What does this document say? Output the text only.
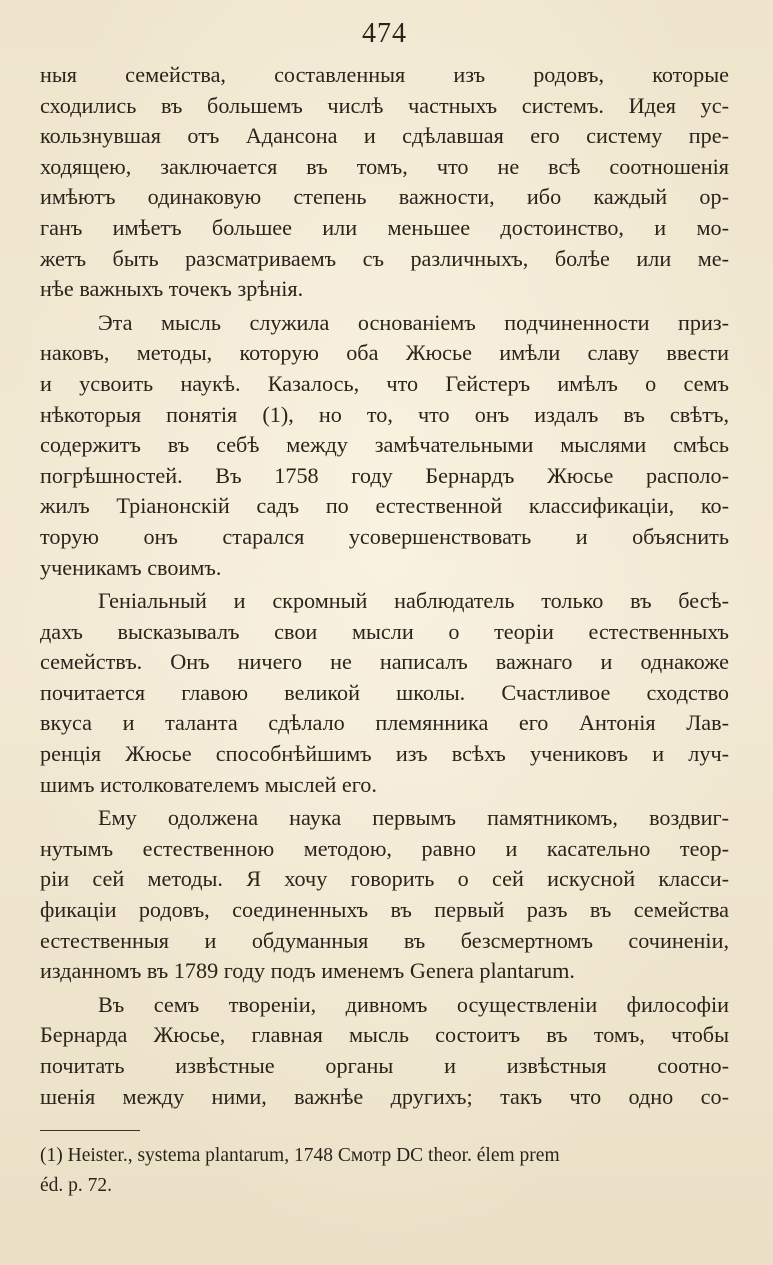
474
ныя семейства, составленныя изъ родовъ, которые
сходились въ большемъ числѣ частныхъ системъ. Идея ус-
кользнувшая отъ Адансона и сдѣлавшая его систему пре-
ходящею, заключается въ томъ, что не всѣ соотношенія
имѣютъ одинаковую степень важности, ибо каждый ор-
ганъ имѣетъ большее или меньшее достоинство, и мо-
жетъ быть разсматриваемъ съ различныхъ, болѣе или ме-
нѣе важныхъ точекъ зрѣнія.
Эта мысль служила основаніемъ подчиненности приз-
наковъ, методы, которую оба Жюсье имѣли славу ввести
и усвоить наукѣ. Казалось, что Гейстеръ имѣлъ о семъ
нѣкоторыя понятія (1), но то, что онъ издалъ въ свѣтъ,
содержитъ въ себѣ между замѣчательными мыслями смѣсь
погрѣшностей. Въ 1758 году Бернардъ Жюсье располо-
жилъ Тріанонскій садъ по естественной классификаціи, ко-
торую онъ старался усовершенствовать и объяснить
ученикамъ своимъ.
Геніальный и скромный наблюдатель только въ бесѣ-
дахъ высказывалъ свои мысли о теоріи естественныхъ
семействъ. Онъ ничего не написалъ важнаго и однакоже
почитается главою великой школы. Счастливое сходство
вкуса и таланта сдѣлало племянника его Антонія Лав-
ренція Жюсье способнѣйшимъ изъ всѣхъ учениковъ и луч-
шимъ истолкователемъ мыслей его.
Ему одолжена наука первымъ памятникомъ, воздвиг-
нутымъ естественною методою, равно и касательно теоp-
ріи сей методы. Я хочу говорить о сей искусной класси-
фикаціи родовъ, соединенныхъ въ первый разъ въ семейства
естественныя и обдуманныя въ безсмертномъ сочиненіи,
изданномъ въ 1789 году подъ именемъ Genera plantarum.
Въ семъ твореніи, дивномъ осуществленіи философіи
Бернарда Жюсье, главная мысль состоитъ въ томъ, чтобы
почитать извѣстные органы и извѣстныя соотно-
шенія между ними, важнѣе другихъ; такъ что одно со-
(1) Heister., systema plantarum, 1748 Смотр DC theor. élem prem
éd. p. 72.
